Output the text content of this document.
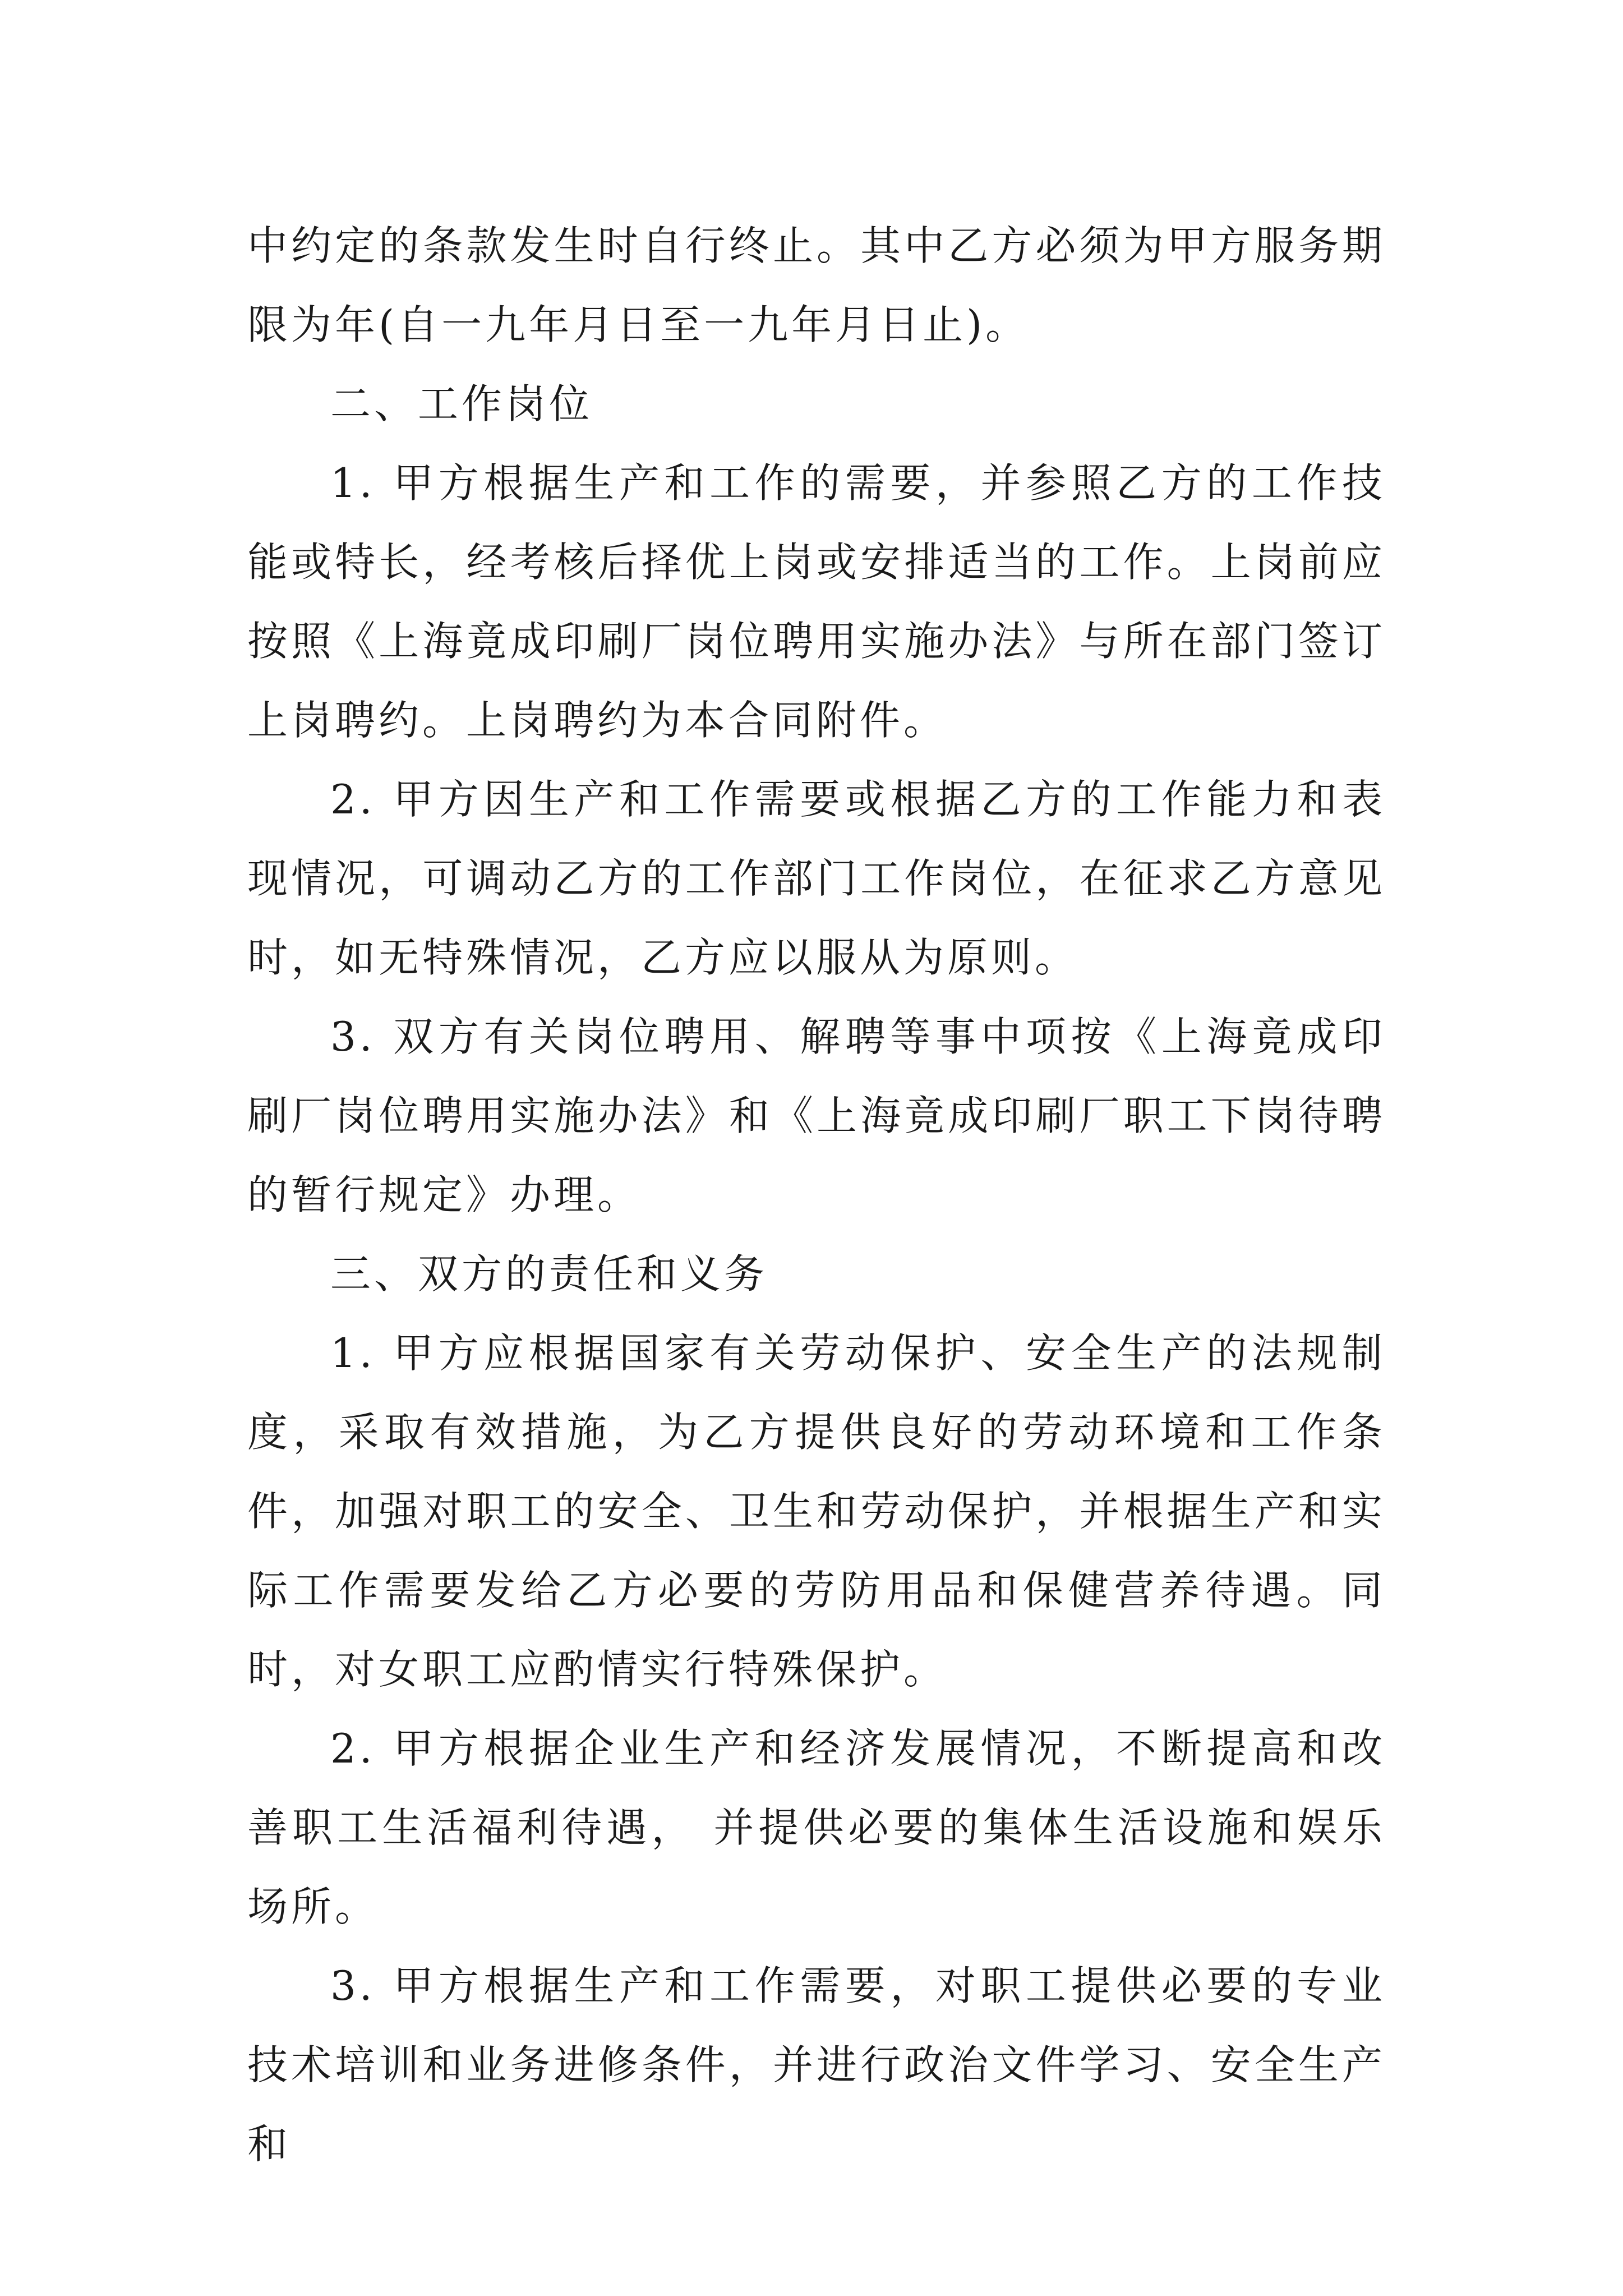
中约定的条款发生时自行终止。其中乙方必须为甲方服务期限为年(自一九年月日至一九年月日止)。

二、工作岗位

1. 甲方根据生产和工作的需要，并参照乙方的工作技能或特长，经考核后择优上岗或安排适当的工作。上岗前应按照《上海竟成印刷厂岗位聘用实施办法》与所在部门签订上岗聘约。上岗聘约为本合同附件。

2. 甲方因生产和工作需要或根据乙方的工作能力和表现情况，可调动乙方的工作部门工作岗位，在征求乙方意见时，如无特殊情况，乙方应以服从为原则。

3. 双方有关岗位聘用、解聘等事中项按《上海竟成印刷厂岗位聘用实施办法》和《上海竟成印刷厂职工下岗待聘的暂行规定》办理。

三、双方的责任和义务

1. 甲方应根据国家有关劳动保护、安全生产的法规制度，采取有效措施，为乙方提供良好的劳动环境和工作条件，加强对职工的安全、卫生和劳动保护，并根据生产和实际工作需要发给乙方必要的劳防用品和保健营养待遇。同时，对女职工应酌情实行特殊保护。

2. 甲方根据企业生产和经济发展情况，不断提高和改善职工生活福利待遇， 并提供必要的集体生活设施和娱乐场所。

3. 甲方根据生产和工作需要，对职工提供必要的专业技术培训和业务进修条件，并进行政治文件学习、安全生产和
